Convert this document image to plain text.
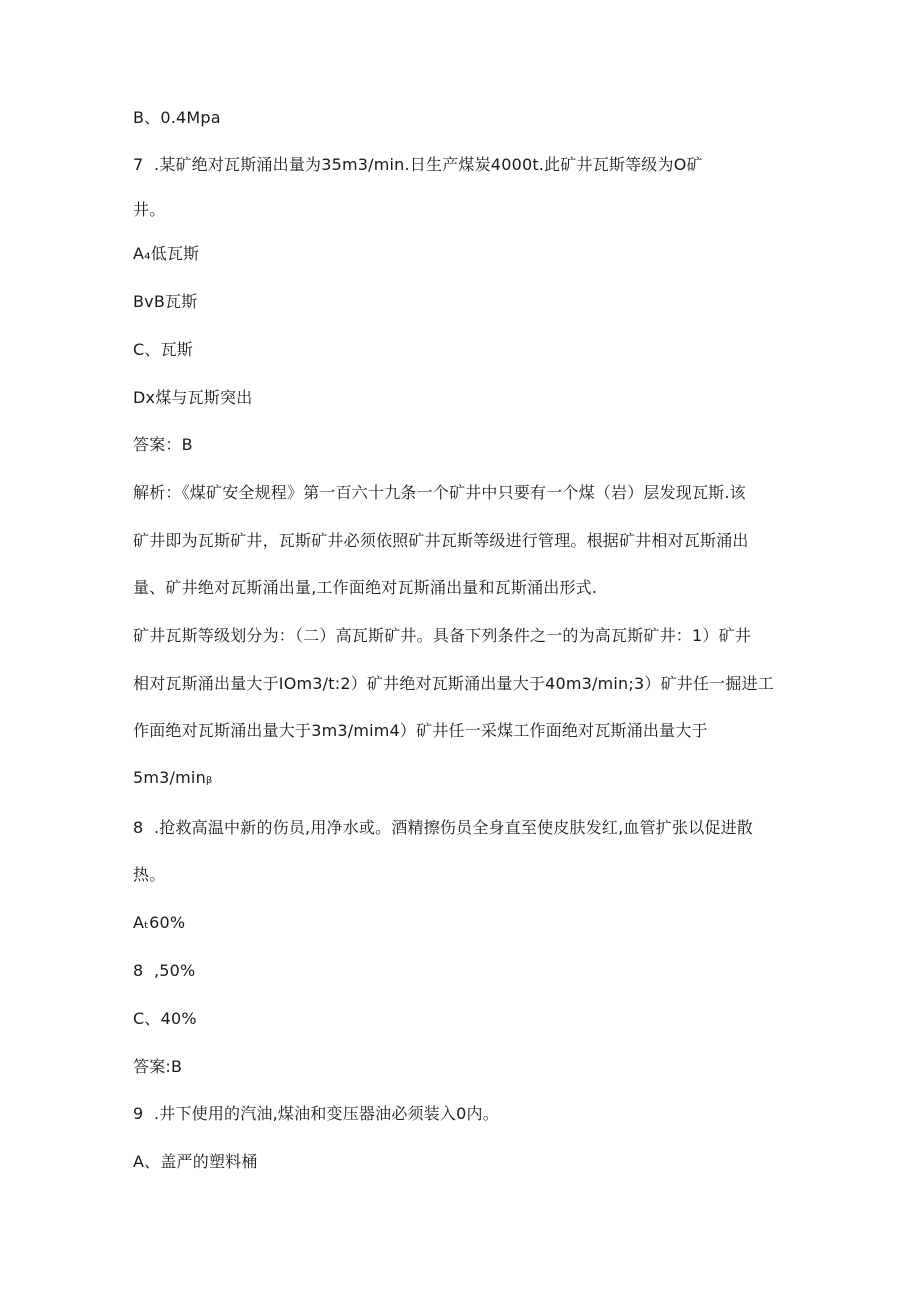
B、0.4Mpa
7  .某矿绝对瓦斯涌出量为35m3/min.日生产煤炭4000t.此矿井瓦斯等级为O矿
井。
A₄低瓦斯
BvB瓦斯
C、瓦斯
Dx煤与瓦斯突出
答案：B
解析：《煤矿安全规程》第一百六十九条一个矿井中只要有一个煤（岩）层发现瓦斯.该
矿井即为瓦斯矿井，瓦斯矿井必须依照矿井瓦斯等级进行管理。根据矿井相对瓦斯涌出
量、矿井绝对瓦斯涌出量,工作面绝对瓦斯涌出量和瓦斯涌出形式.
矿井瓦斯等级划分为：（二）高瓦斯矿井。具备下列条件之一的为高瓦斯矿井：1）矿井
相对瓦斯涌出量大于IOm3/t:2）矿井绝对瓦斯涌出量大于40m3/min;3）矿井任一掘进工
作面绝对瓦斯涌出量大于3m3/mim4）矿井任一采煤工作面绝对瓦斯涌出量大于
5m3/minᵦ
8  .抢救高温中新的伤员,用净水或。酒精擦伤员全身直至使皮肤发红,血管扩张以促进散
热。
Aₜ60%
8  ,50%
C、40%
答案:B
9  .井下使用的汽油,煤油和变压器油必须装入0内。
A、盖严的塑料桶
